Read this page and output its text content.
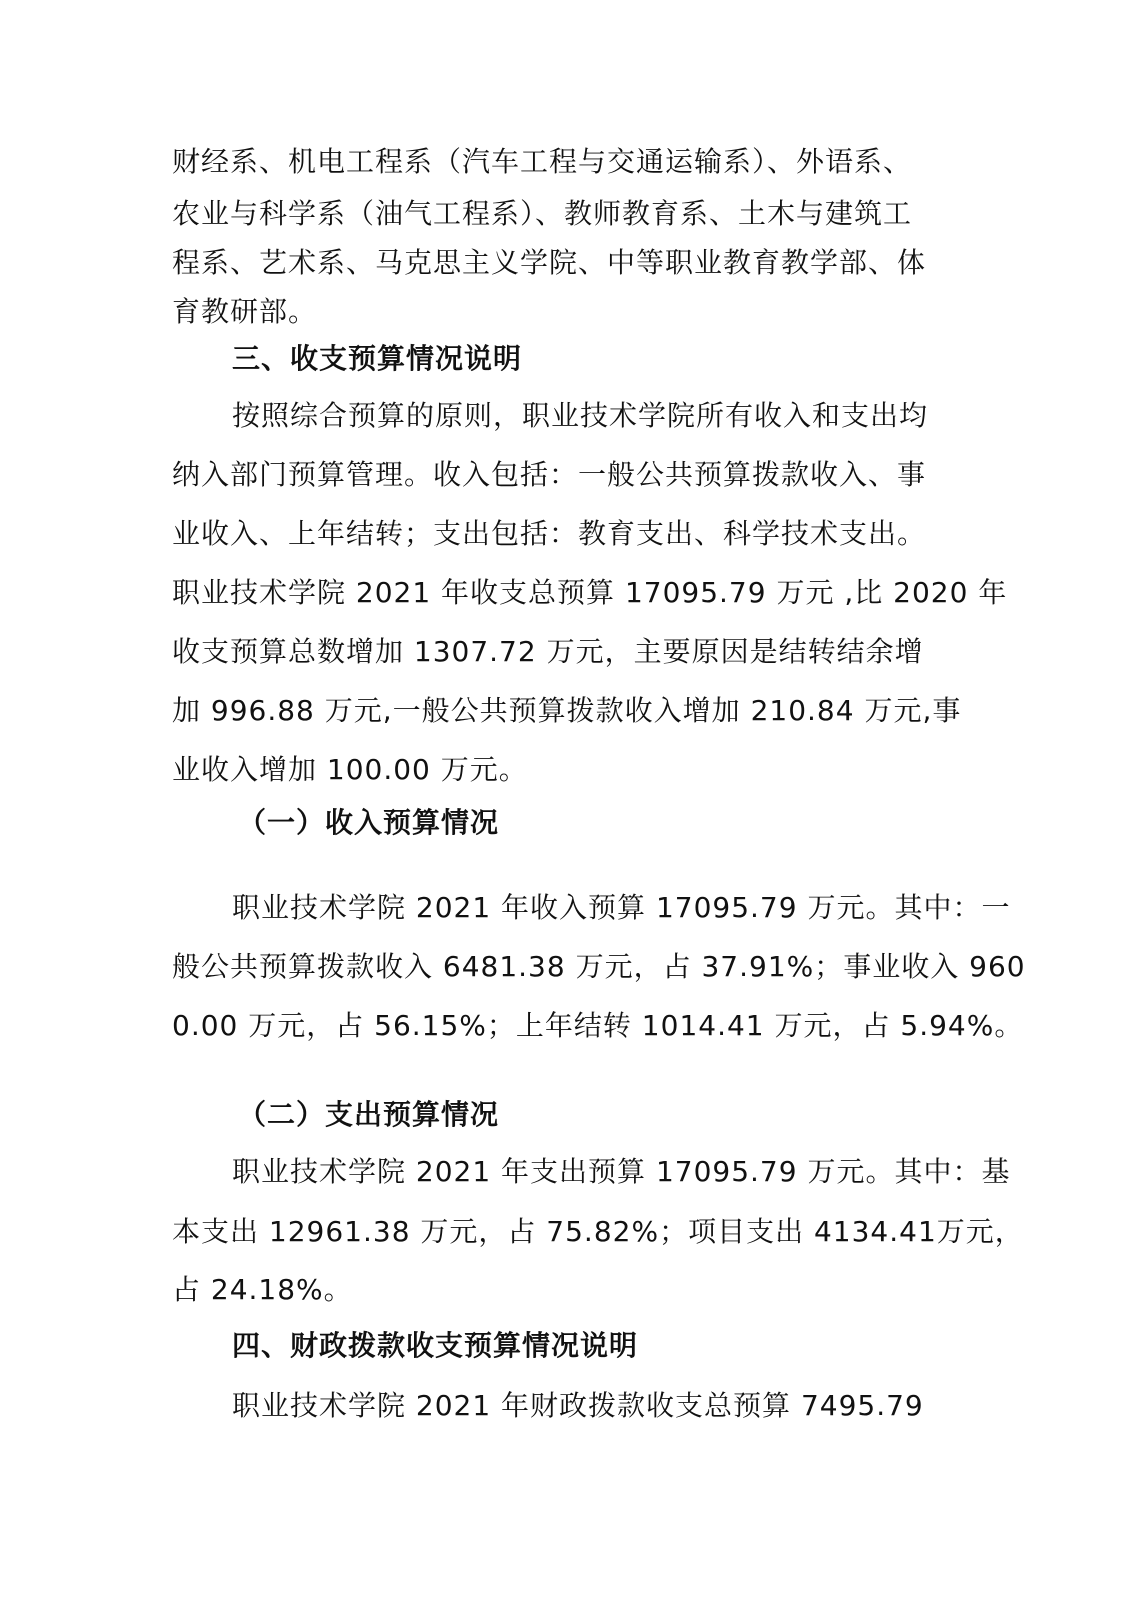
财经系、机电工程系（汽车工程与交通运输系）、外语系、
农业与科学系（油气工程系）、教师教育系、土木与建筑工
程系、艺术系、马克思主义学院、中等职业教育教学部、体
育教研部。
三、收支预算情况说明
按照综合预算的原则，职业技术学院所有收入和支出均
纳入部门预算管理。收入包括：一般公共预算拨款收入、事
业收入、上年结转；支出包括：教育支出、科学技术支出。
职业技术学院 2021 年收支总预算 17095.79 万元 ,比 2020 年
收支预算总数增加 1307.72 万元，主要原因是结转结余增
加 996.88 万元,一般公共预算拨款收入增加 210.84 万元,事
业收入增加 100.00 万元。
（一）收入预算情况
职业技术学院 2021 年收入预算 17095.79 万元。其中：一
般公共预算拨款收入 6481.38 万元，占 37.91%；事业收入 960
0.00 万元，占 56.15%；上年结转 1014.41 万元，占 5.94%。
（二）支出预算情况
职业技术学院 2021 年支出预算 17095.79 万元。其中：基
本支出 12961.38 万元，占 75.82%；项目支出 4134.41万元，
占 24.18%。
四、财政拨款收支预算情况说明
职业技术学院 2021 年财政拨款收支总预算 7495.79
